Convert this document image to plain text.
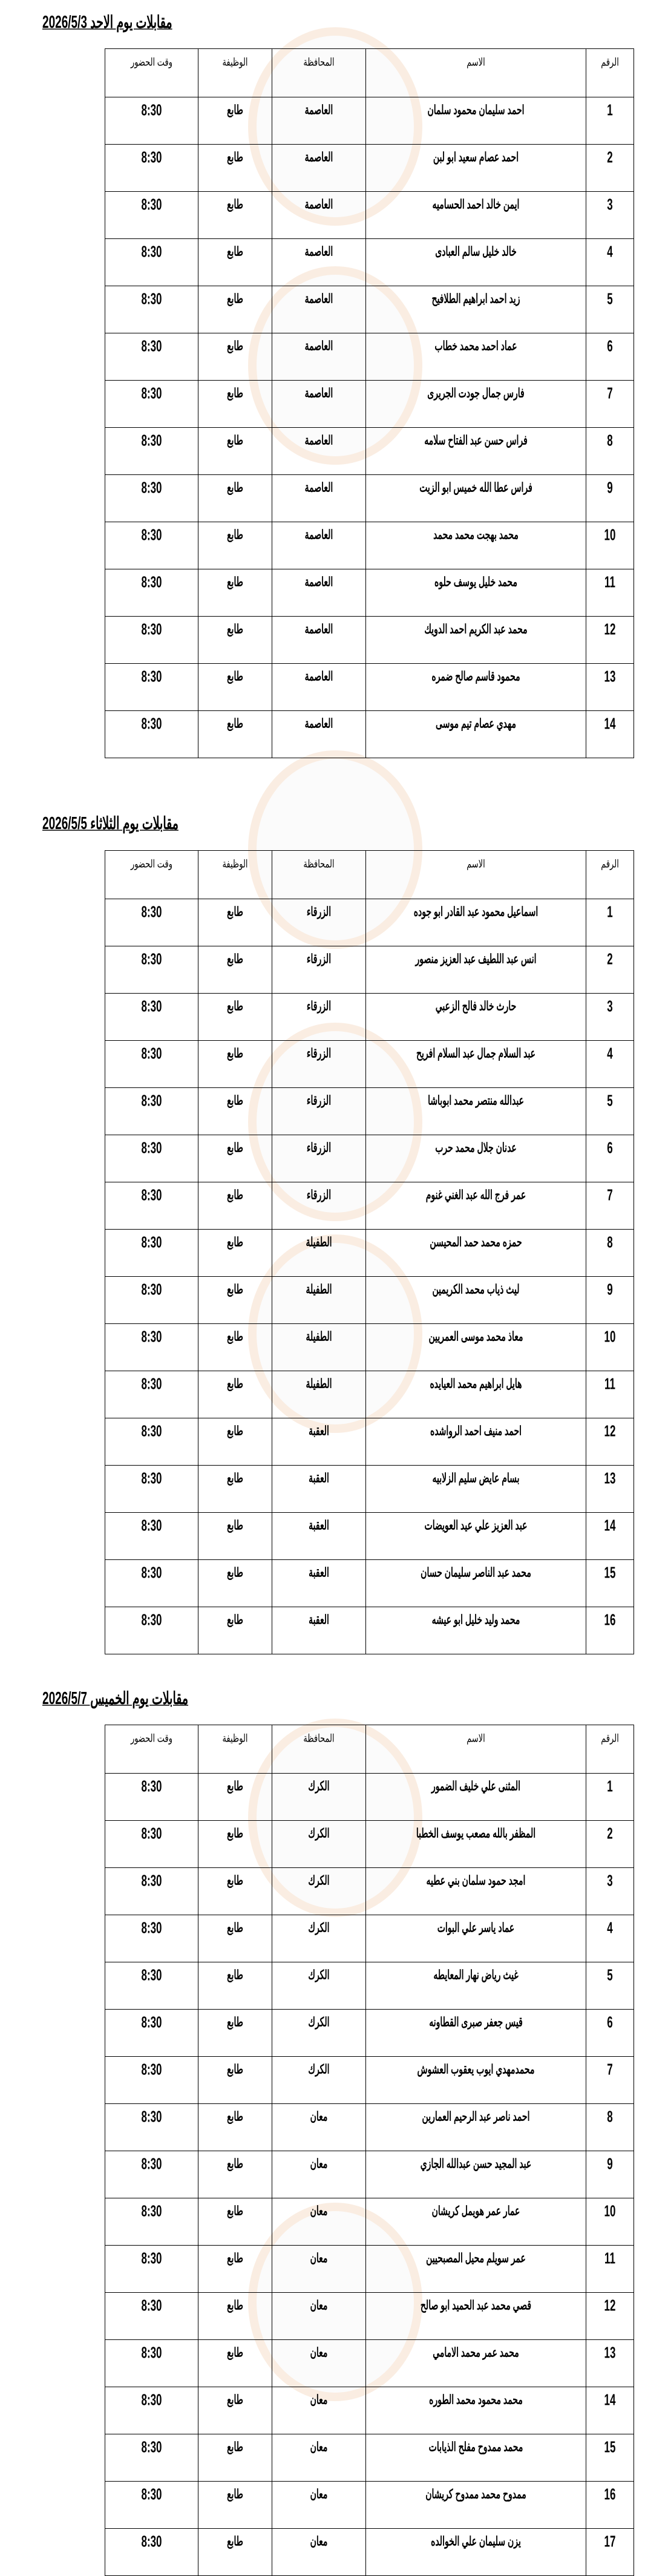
مقابلات يوم الاحد 2026/5/3
الرقم	الاسم	المحافظة	الوظيفة	وقت الحضور
1	احمد سليمان محمود سلمان	العاصمة	طابع	8:30
2	احمد عصام سعيد ابو لبن	العاصمة	طابع	8:30
3	ايمن خالد احمد الحساميه	العاصمة	طابع	8:30
4	خالد خليل سالم العبادى	العاصمة	طابع	8:30
5	زيد احمد ابراهيم الطلافيح	العاصمة	طابع	8:30
6	عماد احمد محمد خطاب	العاصمة	طابع	8:30
7	فارس جمال جودت الجريرى	العاصمة	طابع	8:30
8	فراس حسن عبد الفتاح سلامه	العاصمة	طابع	8:30
9	فراس عطا الله خميس ابو الزيت	العاصمة	طابع	8:30
10	محمد بهجت محمد محمد	العاصمة	طابع	8:30
11	محمد خليل يوسف حلوه	العاصمة	طابع	8:30
12	محمد عبد الكريم احمد الدويك	العاصمة	طابع	8:30
13	محمود قاسم صالح ضمره	العاصمة	طابع	8:30
14	مهدي عصام تيم موسى	العاصمة	طابع	8:30
مقابلات يوم الثلاثاء 2026/5/5
الرقم	الاسم	المحافظة	الوظيفة	وقت الحضور
1	اسماعيل محمود عبد القادر ابو جوده	الزرقاء	طابع	8:30
2	انس عبد اللطيف عبد العزيز منصور	الزرقاء	طابع	8:30
3	حارث خالد فالح الزعبي	الزرقاء	طابع	8:30
4	عبد السلام جمال عبد السلام افريح	الزرقاء	طابع	8:30
5	عبدالله منتصر محمد ابوباشا	الزرقاء	طابع	8:30
6	عدنان جلال محمد حرب	الزرقاء	طابع	8:30
7	عمر فرج الله عبد الغني غنوم	الزرقاء	طابع	8:30
8	حمزه محمد حمد المحيسن	الطفيلة	طابع	8:30
9	ليث ذياب محمد الكريمين	الطفيلة	طابع	8:30
10	معاذ محمد موسى العمريين	الطفيلة	طابع	8:30
11	هايل ابراهيم محمد العيايده	الطفيلة	طابع	8:30
12	احمد منيف احمد الرواشده	العقبة	طابع	8:30
13	بسام عايض سليم الزلابيه	العقبة	طابع	8:30
14	عبد العزيز علي عيد العويضات	العقبة	طابع	8:30
15	محمد عبد الناصر سليمان حسان	العقبة	طابع	8:30
16	محمد وليد خليل ابو عيشه	العقبة	طابع	8:30
مقابلات يوم الخميس 2026/5/7
الرقم	الاسم	المحافظة	الوظيفة	وقت الحضور
1	المثنى علي خليف الضمور	الكرك	طابع	8:30
2	المظفر بالله مصعب يوسف الخطبا	الكرك	طابع	8:30
3	امجد حمود سلمان بني عطيه	الكرك	طابع	8:30
4	عماد ياسر علي البوات	الكرك	طابع	8:30
5	غيث رياض نهار المعايطه	الكرك	طابع	8:30
6	قيس جعفر صبرى القطاونه	الكرك	طابع	8:30
7	محمدمهدي ايوب يعقوب العشوش	الكرك	طابع	8:30
8	احمد ناصر عبد الرحيم العمارين	معان	طابع	8:30
9	عبد المجيد حسن عبدالله الجازي	معان	طابع	8:30
10	عمار عمر هويمل كريشان	معان	طابع	8:30
11	عمر سويلم محيل المصبحيين	معان	طابع	8:30
12	قصي محمد عبد الحميد ابو صالح	معان	طابع	8:30
13	محمد عمر محمد الامامي	معان	طابع	8:30
14	محمد محمود محمد الطوره	معان	طابع	8:30
15	محمد ممدوح مفلح الذيابات	معان	طابع	8:30
16	ممدوح محمد ممدوح كريشان	معان	طابع	8:30
17	يزن سليمان علي الخوالده	معان	طابع	8:30
